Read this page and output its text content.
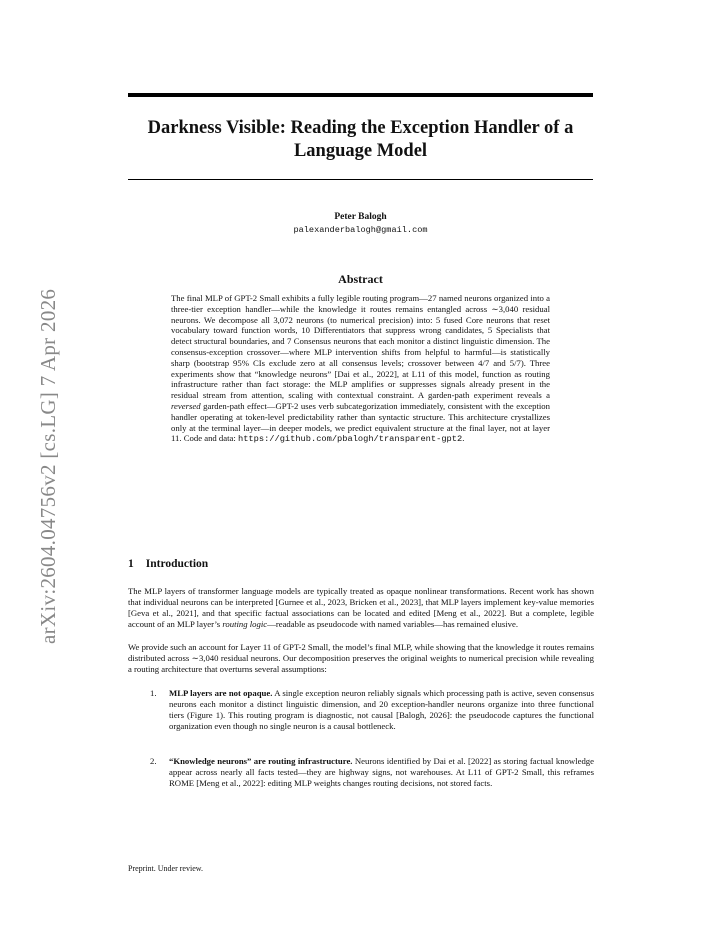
arXiv:2604.04756v2 [cs.LG] 7 Apr 2026
Darkness Visible: Reading the Exception Handler of a Language Model
Peter Balogh
palexanderbalogh@gmail.com
Abstract
The final MLP of GPT-2 Small exhibits a fully legible routing program—27 named neurons organized into a three-tier exception handler—while the knowledge it routes remains entangled across ∼3,040 residual neurons. We decompose all 3,072 neurons (to numerical precision) into: 5 fused Core neurons that reset vocabulary toward function words, 10 Differentiators that suppress wrong candidates, 5 Specialists that detect structural boundaries, and 7 Consensus neurons that each monitor a distinct linguistic dimension. The consensus-exception crossover—where MLP intervention shifts from helpful to harmful—is statistically sharp (bootstrap 95% CIs exclude zero at all consensus levels; crossover between 4/7 and 5/7). Three experiments show that “knowledge neurons” [Dai et al., 2022], at L11 of this model, function as routing infrastructure rather than fact storage: the MLP amplifies or suppresses signals already present in the residual stream from attention, scaling with contextual constraint. A garden-path experiment reveals a reversed garden-path effect—GPT-2 uses verb subcategorization immediately, consistent with the exception handler operating at token-level predictability rather than syntactic structure. This architecture crystallizes only at the terminal layer—in deeper models, we predict equivalent structure at the final layer, not at layer 11. Code and data: https://github.com/pbalogh/transparent-gpt2.
1 Introduction
The MLP layers of transformer language models are typically treated as opaque nonlinear transformations. Recent work has shown that individual neurons can be interpreted [Gurnee et al., 2023, Bricken et al., 2023], that MLP layers implement key-value memories [Geva et al., 2021], and that specific factual associations can be located and edited [Meng et al., 2022]. But a complete, legible account of an MLP layer’s routing logic—readable as pseudocode with named variables—has remained elusive.
We provide such an account for Layer 11 of GPT-2 Small, the model’s final MLP, while showing that the knowledge it routes remains distributed across ∼3,040 residual neurons. Our decomposition preserves the original weights to numerical precision while revealing a routing architecture that overturns several assumptions:
1. MLP layers are not opaque. A single exception neuron reliably signals which processing path is active, seven consensus neurons each monitor a distinct linguistic dimension, and 20 exception-handler neurons organize into three functional tiers (Figure 1). This routing program is diagnostic, not causal [Balogh, 2026]: the pseudocode captures the functional organization even though no single neuron is a causal bottleneck.
2. “Knowledge neurons” are routing infrastructure. Neurons identified by Dai et al. [2022] as storing factual knowledge appear across nearly all facts tested—they are highway signs, not warehouses. At L11 of GPT-2 Small, this reframes ROME [Meng et al., 2022]: editing MLP weights changes routing decisions, not stored facts.
Preprint. Under review.
